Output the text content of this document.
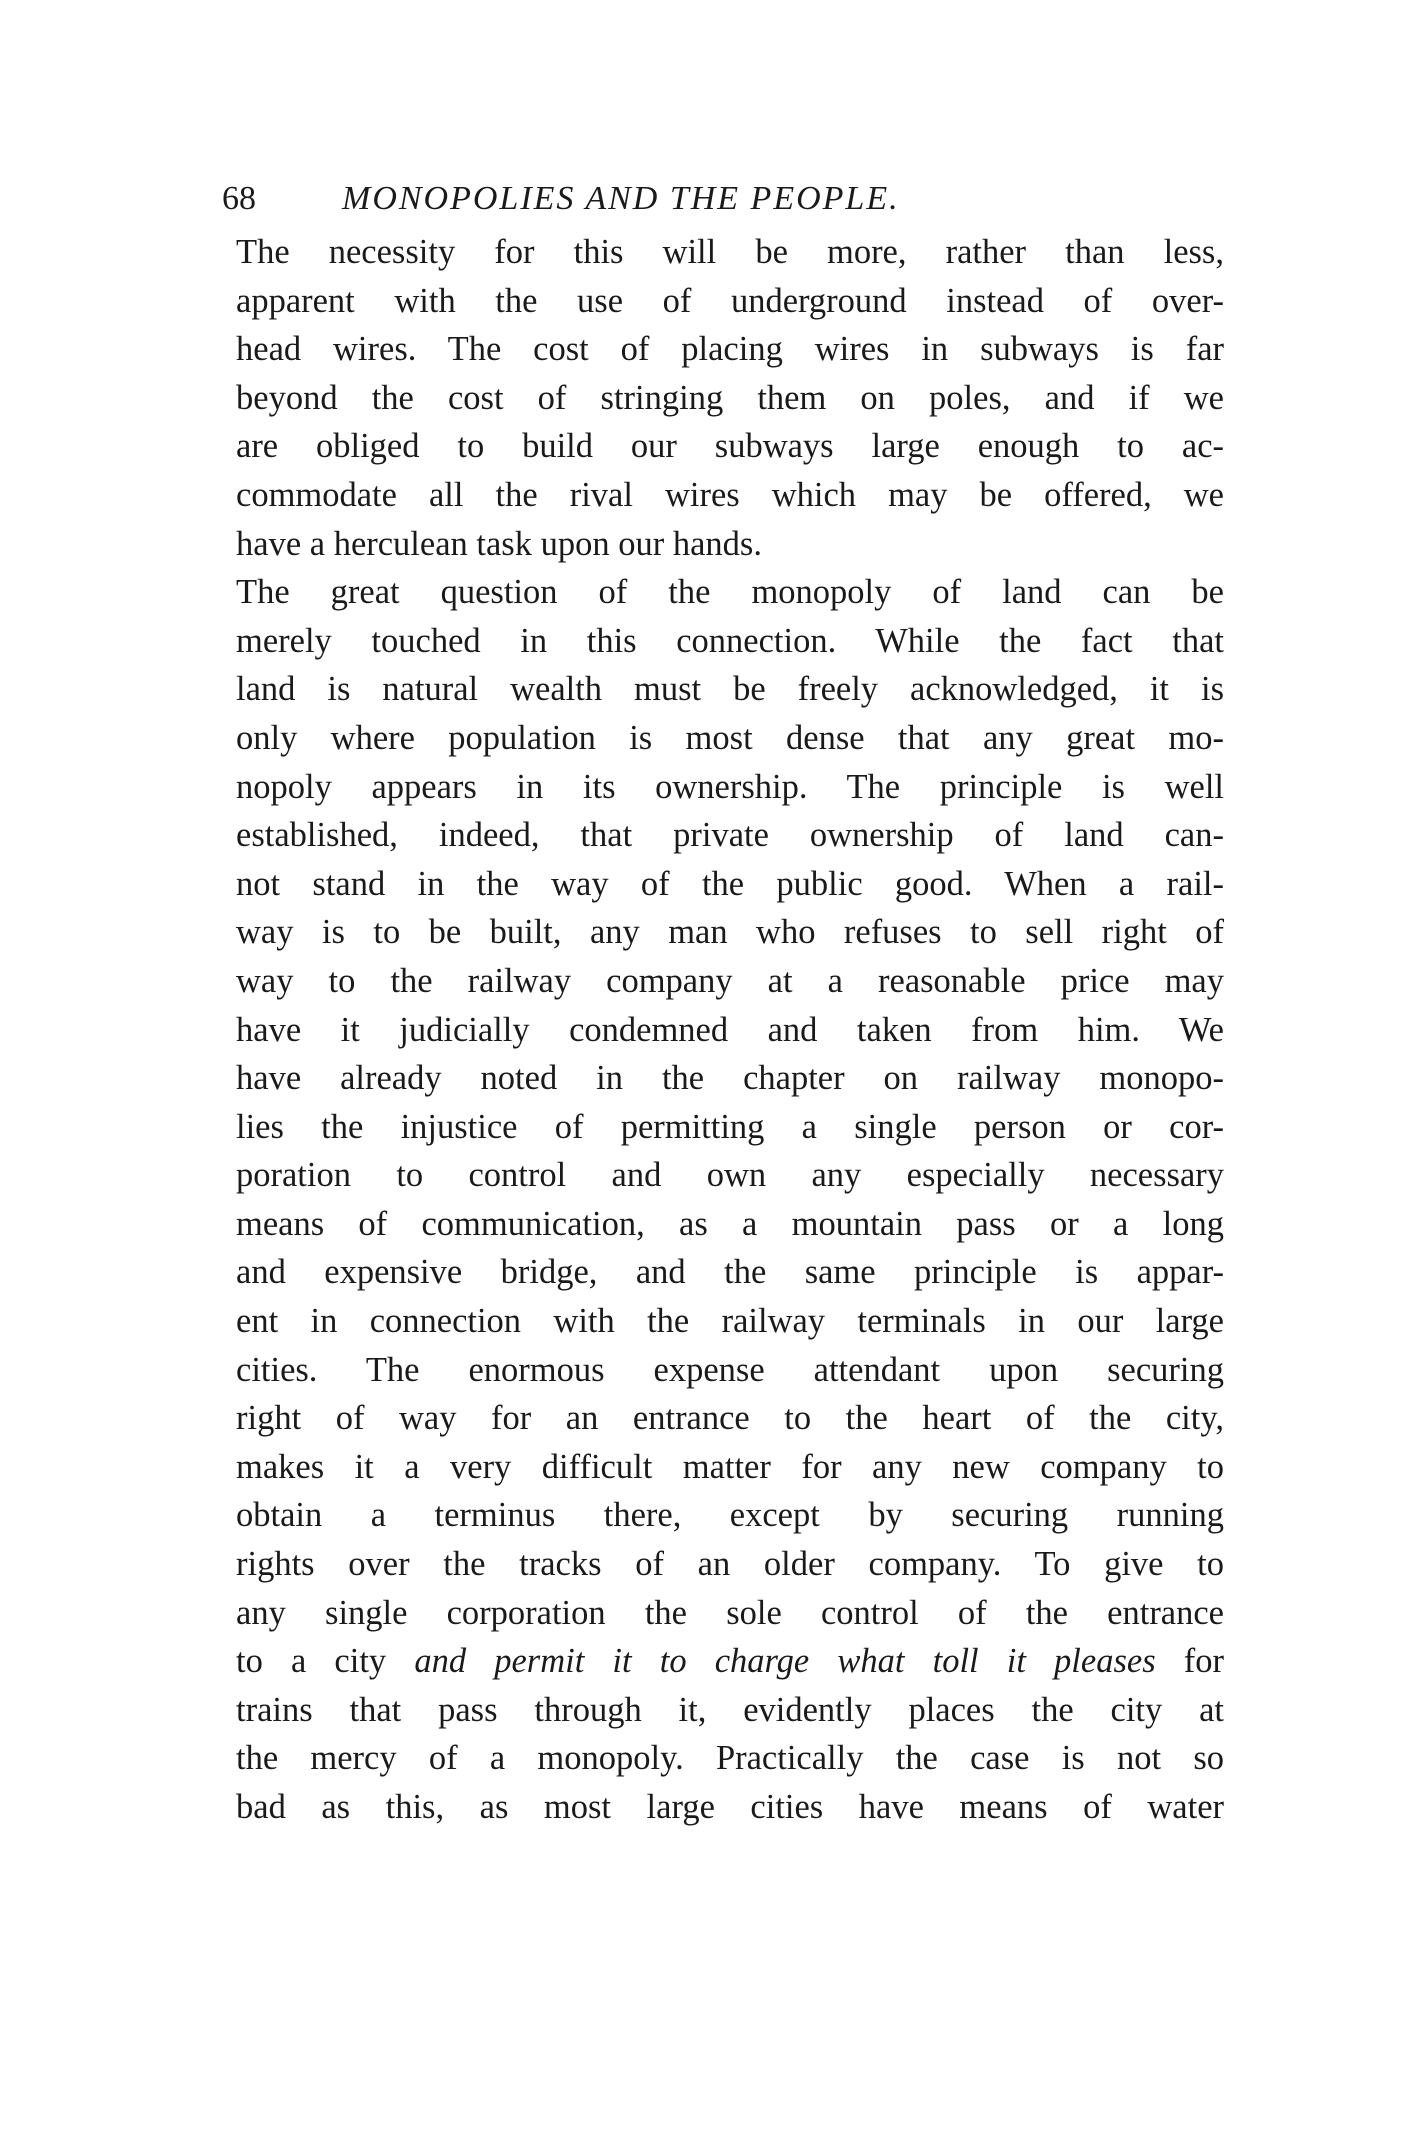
68	MONOPOLIES AND THE PEOPLE.
The necessity for this will be more, rather than less,
apparent with the use of underground instead of over-
head wires. The cost of placing wires in subways is far
beyond the cost of stringing them on poles, and if we
are obliged to build our subways large enough to ac-
commodate all the rival wires which may be offered, we
have a herculean task upon our hands.
The great question of the monopoly of land can be
merely touched in this connection. While the fact that
land is natural wealth must be freely acknowledged, it is
only where population is most dense that any great mo-
nopoly appears in its ownership. The principle is well
established, indeed, that private ownership of land can-
not stand in the way of the public good. When a rail-
way is to be built, any man who refuses to sell right of
way to the railway company at a reasonable price may
have it judicially condemned and taken from him. We
have already noted in the chapter on railway monopo-
lies the injustice of permitting a single person or cor-
poration to control and own any especially necessary
means of communication, as a mountain pass or a long
and expensive bridge, and the same principle is appar-
ent in connection with the railway terminals in our large
cities. The enormous expense attendant upon securing
right of way for an entrance to the heart of the city,
makes it a very difficult matter for any new company to
obtain a terminus there, except by securing running
rights over the tracks of an older company. To give to
any single corporation the sole control of the entrance
to a city and permit it to charge what toll it pleases for
trains that pass through it, evidently places the city at
the mercy of a monopoly. Practically the case is not so
bad as this, as most large cities have means of water
